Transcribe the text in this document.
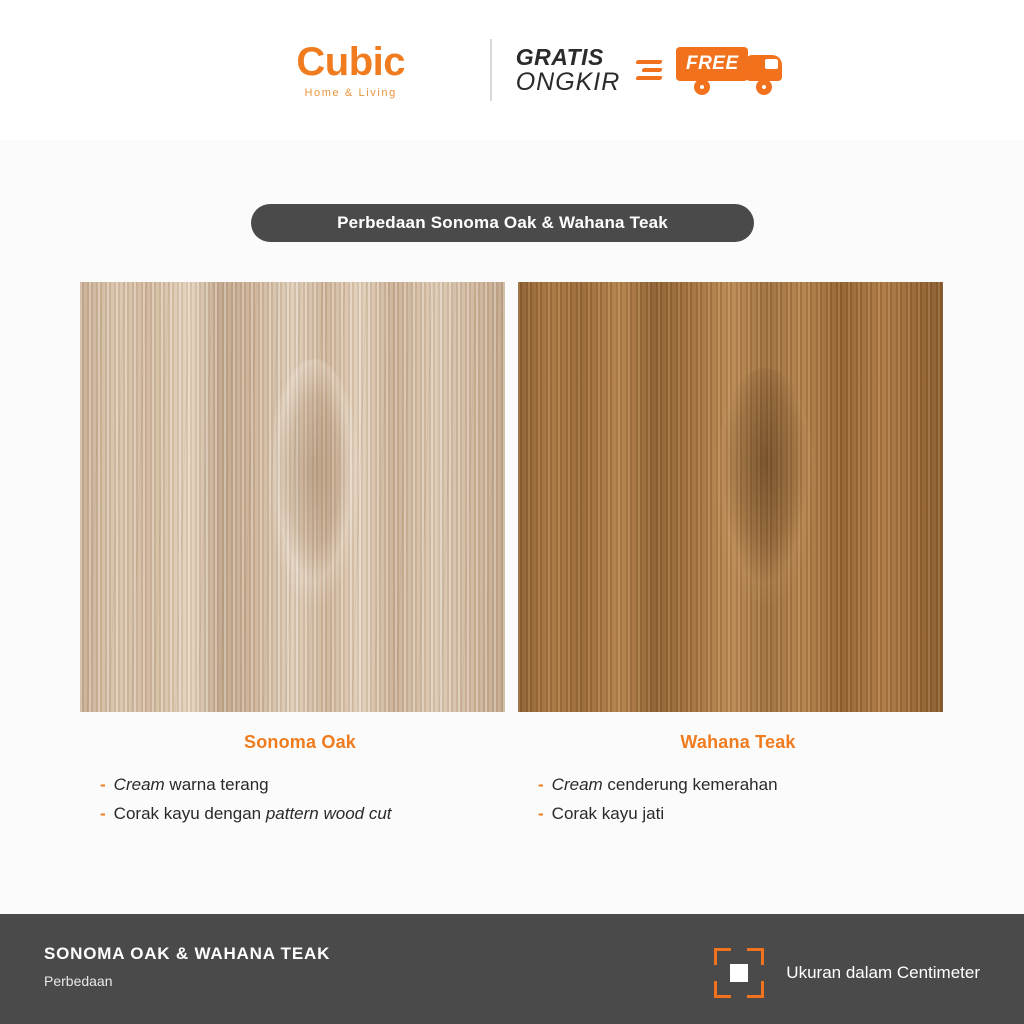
Cubic
Home & Living
GRATIS
ONGKIR
FREE
Perbedaan Sonoma Oak & Wahana Teak
Sonoma Oak
- Cream warna terang
- Corak kayu dengan pattern wood cut
Wahana Teak
- Cream cenderung kemerahan
- Corak kayu jati
SONOMA OAK & WAHANA TEAK
Perbedaan	Ukuran dalam Centimeter
